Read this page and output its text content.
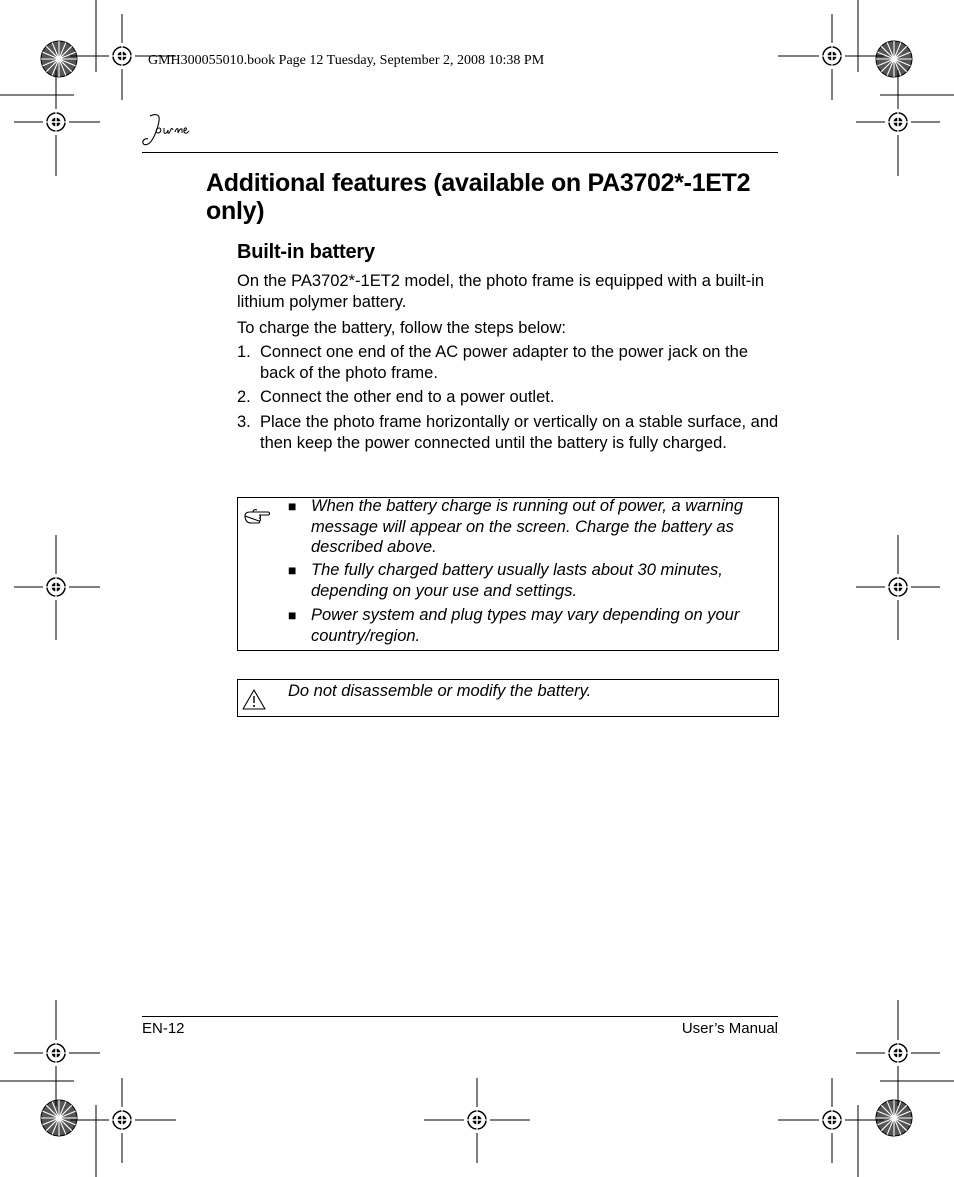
GMH300055010.book Page 12 Tuesday, September 2, 2008 10:38 PM
Additional features (available on PA3702*-1ET2 only)
Built-in battery

On the PA3702*-1ET2 model, the photo frame is equipped with a built-in lithium polymer battery.

To charge the battery, follow the steps below:

1. Connect one end of the AC power adapter to the power jack on the back of the photo frame.
2. Connect the other end to a power outlet.
3. Place the photo frame horizontally or vertically on a stable surface, and then keep the power connected until the battery is fully charged.
■ When the battery charge is running out of power, a warning message will appear on the screen. Charge the battery as described above.
■ The fully charged battery usually lasts about 30 minutes, depending on your use and settings.
■ Power system and plug types may vary depending on your country/region.
Do not disassemble or modify the battery.
EN-12	User’s Manual
